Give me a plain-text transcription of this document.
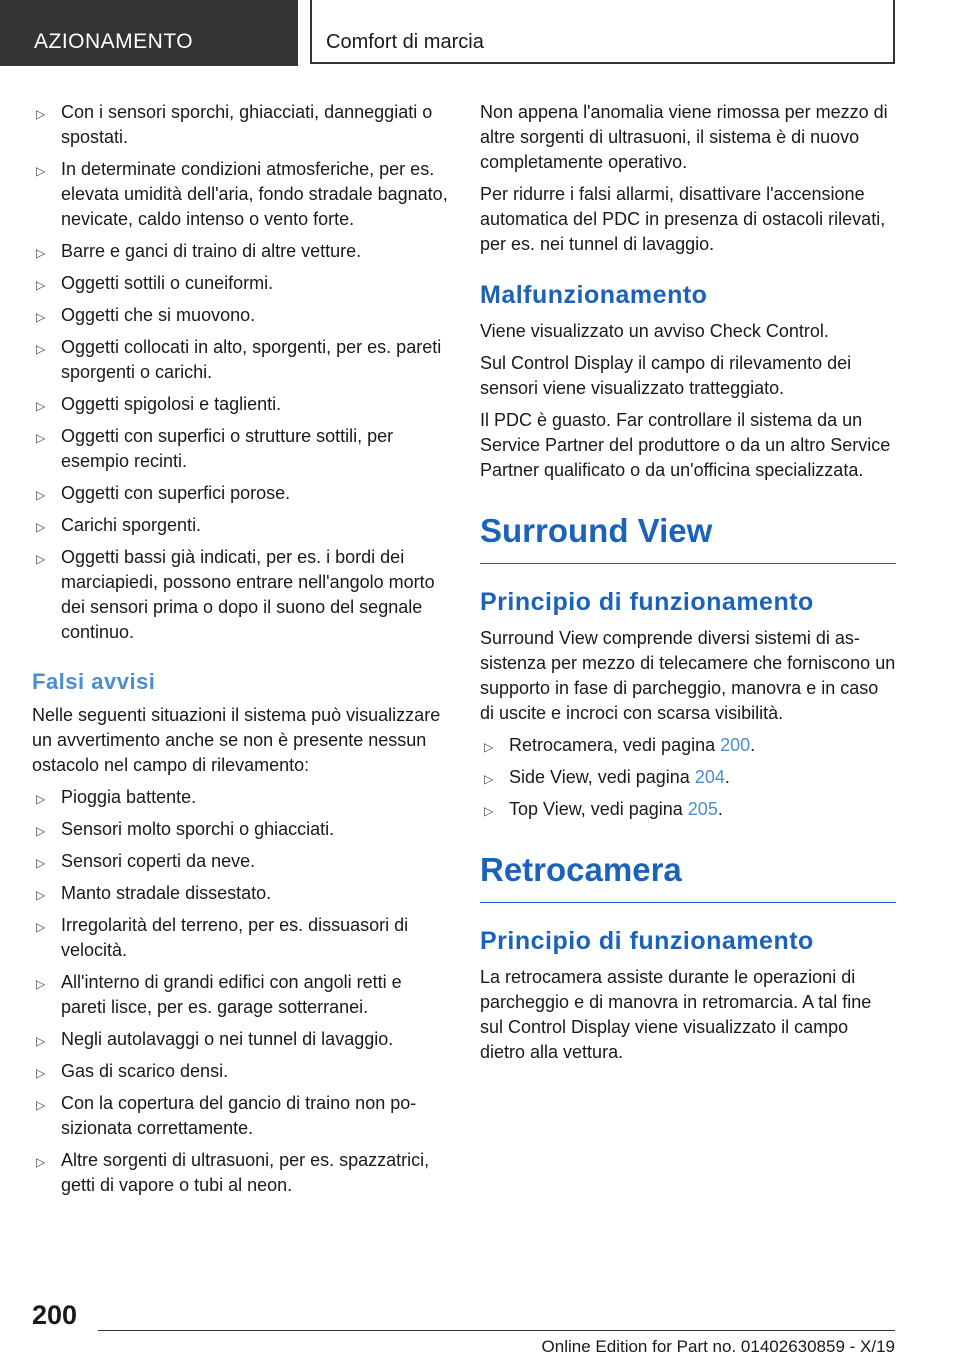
AZIONAMENTO	Comfort di marcia
▷ Con i sensori sporchi, ghiacciati, danneggiati o spostati.
▷ In determinate condizioni atmosferiche, per es. elevata umidità dell'aria, fondo stradale bagnato, nevicate, caldo intenso o vento forte.
▷ Barre e ganci di traino di altre vetture.
▷ Oggetti sottili o cuneiformi.
▷ Oggetti che si muovono.
▷ Oggetti collocati in alto, sporgenti, per es. pareti sporgenti o carichi.
▷ Oggetti spigolosi e taglienti.
▷ Oggetti con superfici o strutture sottili, per esempio recinti.
▷ Oggetti con superfici porose.
▷ Carichi sporgenti.
▷ Oggetti bassi già indicati, per es. i bordi dei marciapiedi, possono entrare nell'angolo morto dei sensori prima o dopo il suono del segnale continuo.
Falsi avvisi

Nelle seguenti situazioni il sistema può visualizzare un avvertimento anche se non è presente nessun ostacolo nel campo di rilevamento:

▷ Pioggia battente.
▷ Sensori molto sporchi o ghiacciati.
▷ Sensori coperti da neve.
▷ Manto stradale dissestato.
▷ Irregolarità del terreno, per es. dissuasori di velocità.
▷ All'interno di grandi edifici con angoli retti e pareti lisce, per es. garage sotterranei.
▷ Negli autolavaggi o nei tunnel di lavaggio.
▷ Gas di scarico densi.
▷ Con la copertura del gancio di traino non posizionata correttamente.
▷ Altre sorgenti di ultrasuoni, per es. spazzatrici, getti di vapore o tubi al neon.

Non appena l'anomalia viene rimossa per mezzo di altre sorgenti di ultrasuoni, il sistema è di nuovo completamente operativo.

Per ridurre i falsi allarmi, disattivare l'accensione automatica del PDC in presenza di ostacoli rilevati, per es. nei tunnel di lavaggio.

Malfunzionamento

Viene visualizzato un avviso Check Control.

Sul Control Display il campo di rilevamento dei sensori viene visualizzato tratteggiato.

Il PDC è guasto. Far controllare il sistema da un Service Partner del produttore o da un altro Service Partner qualificato o da un'officina specializzata.

Surround View
Principio di funzionamento

Surround View comprende diversi sistemi di assistenza per mezzo di telecamere che forniscono un supporto in fase di parcheggio, manovra e in caso di uscite e incroci con scarsa visibilità.

▷ Retrocamera, vedi pagina 200.
▷ Side View, vedi pagina 204.
▷ Top View, vedi pagina 205.
Retrocamera
Principio di funzionamento

La retrocamera assiste durante le operazioni di parcheggio e di manovra in retromarcia. A tal fine sul Control Display viene visualizzato il campo dietro alla vettura.

200
Online Edition for Part no. 01402630859 - X/19
